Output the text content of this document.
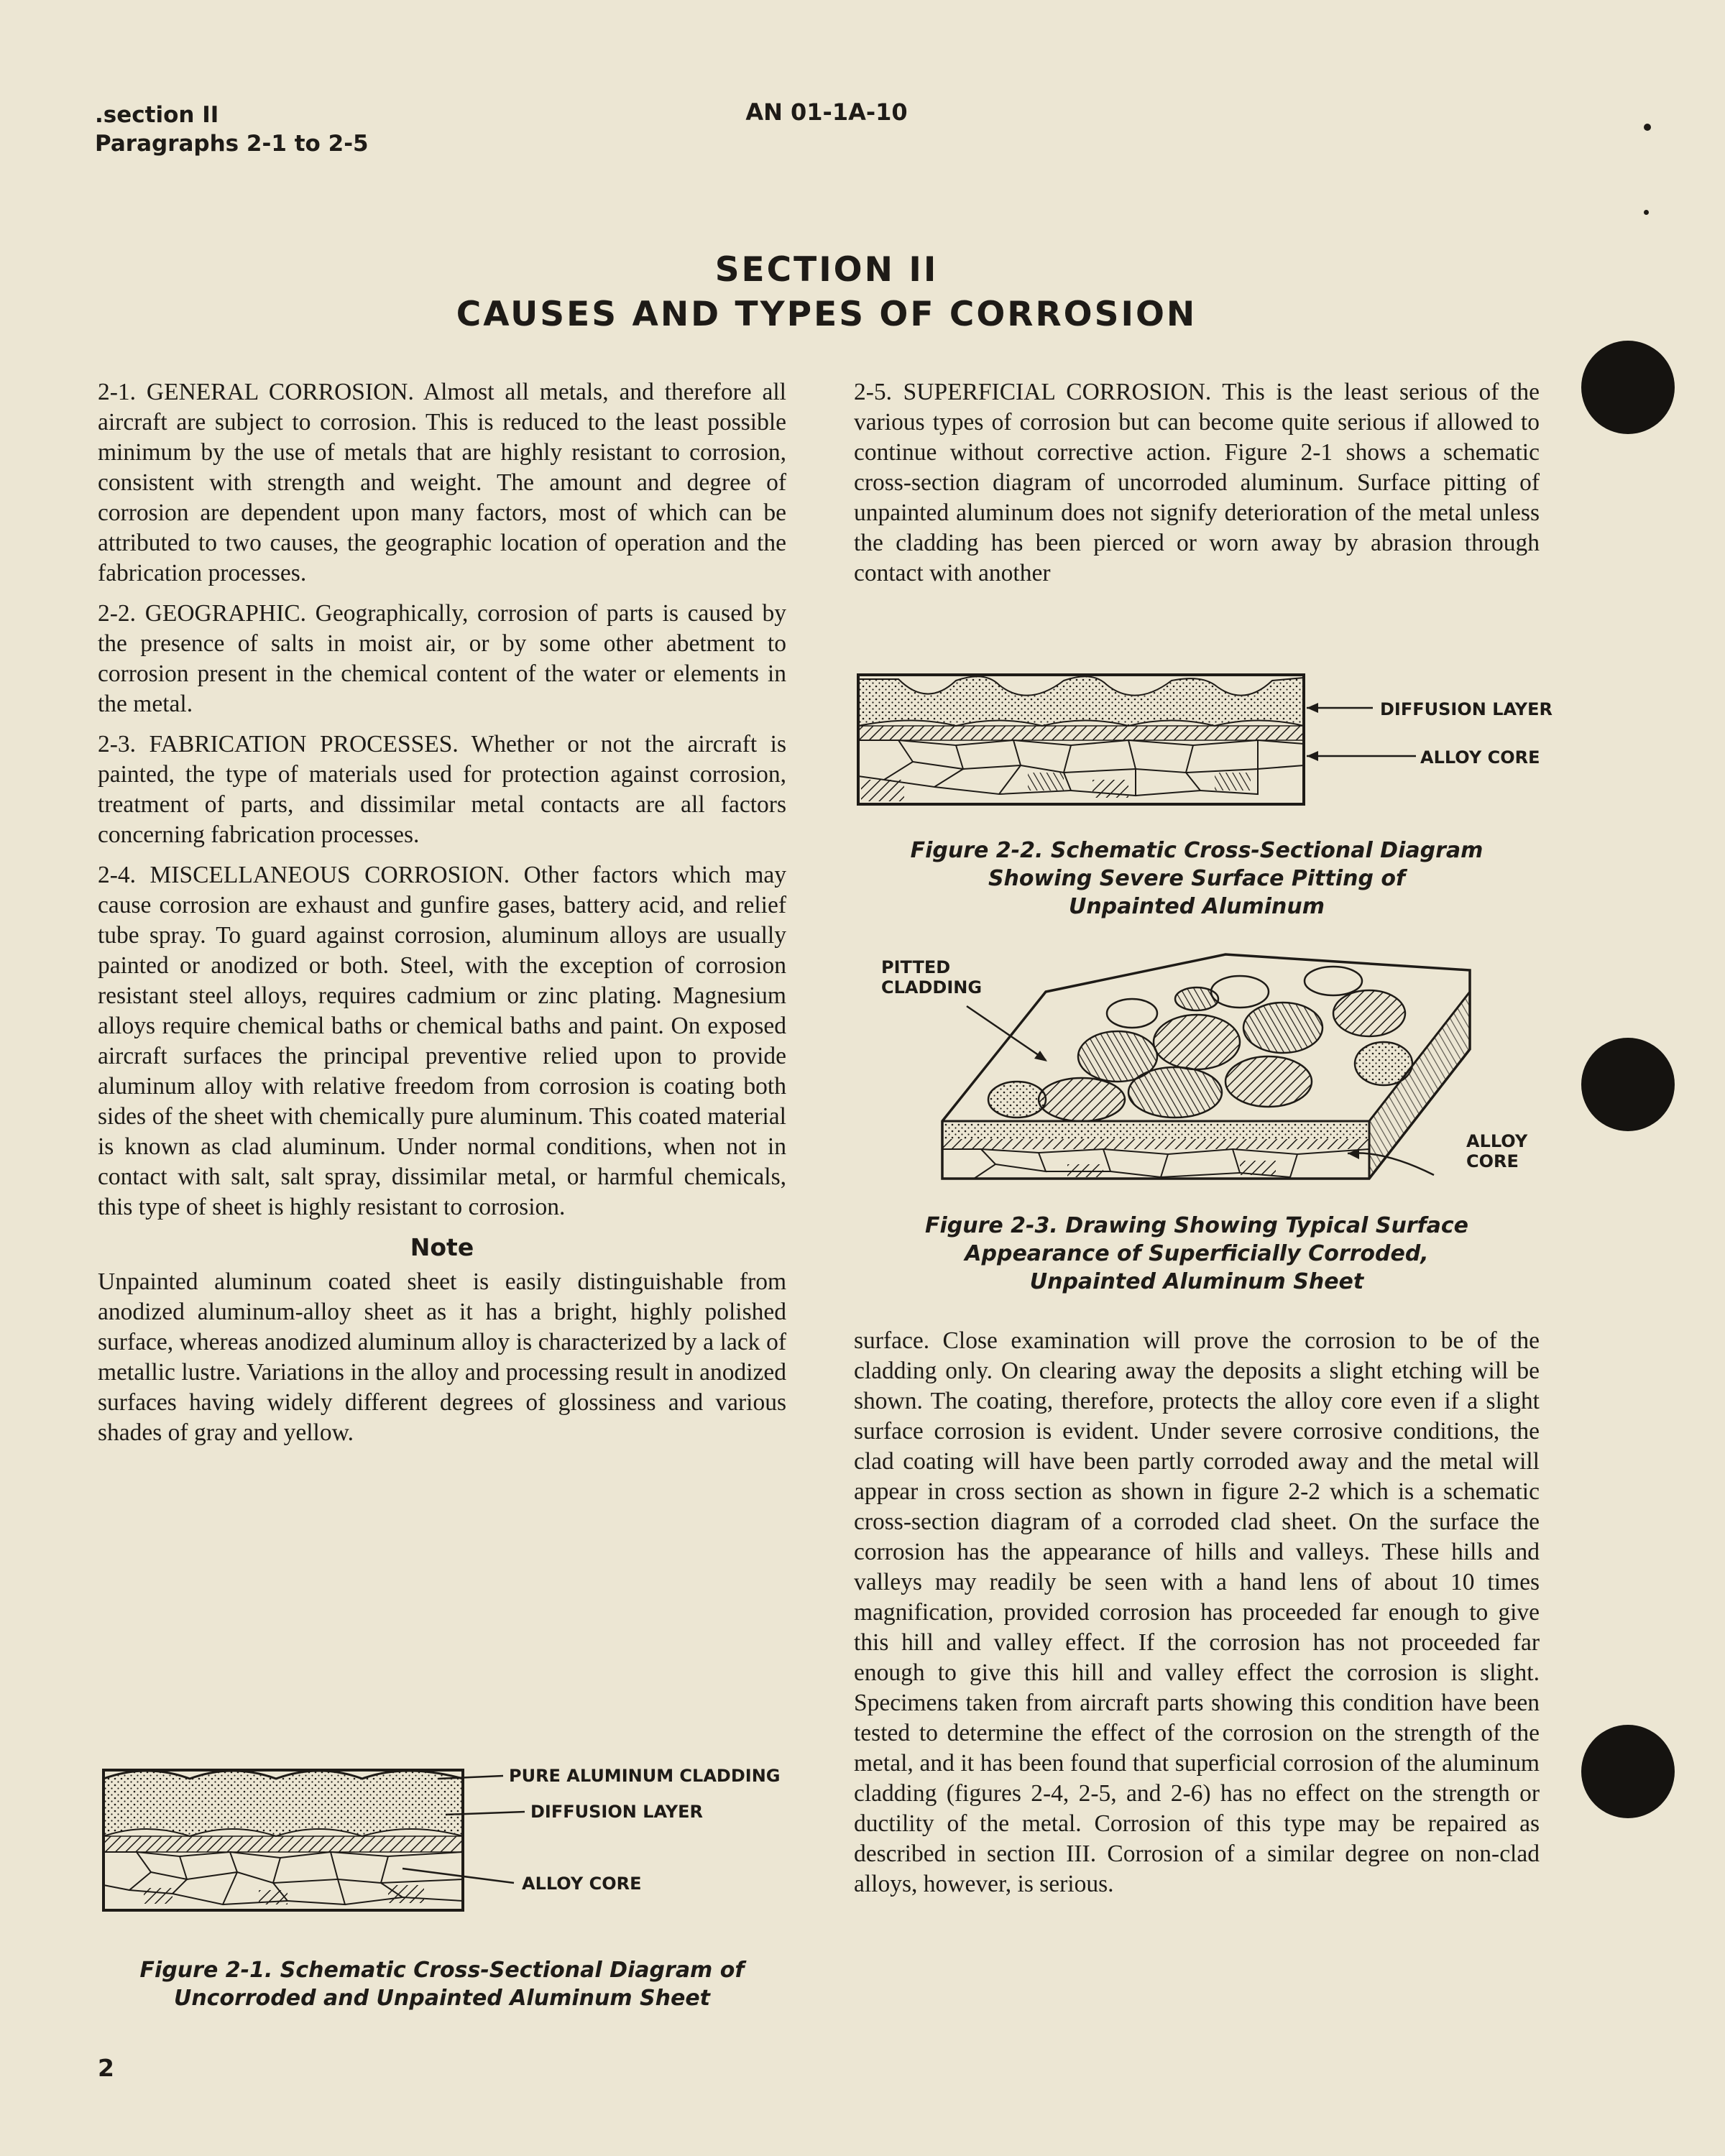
.section II
Paragraphs 2-1 to 2-5
AN 01-1A-10
SECTION II
CAUSES AND TYPES OF CORROSION

2-1. GENERAL CORROSION. Almost all metals, and therefore all aircraft are subject to corrosion. This is reduced to the least possible minimum by the use of metals that are highly resistant to corrosion, consistent with strength and weight. The amount and degree of corrosion are dependent upon many factors, most of which can be attributed to two causes, the geographic location of operation and the fabrication processes.

2-2. GEOGRAPHIC. Geographically, corrosion of parts is caused by the presence of salts in moist air, or by some other abetment to corrosion present in the chemical content of the water or elements in the metal.

2-3. FABRICATION PROCESSES. Whether or not the aircraft is painted, the type of materials used for protection against corrosion, treatment of parts, and dissimilar metal contacts are all factors concerning fabrication processes.

2-4. MISCELLANEOUS CORROSION. Other factors which may cause corrosion are exhaust and gunfire gases, battery acid, and relief tube spray. To guard against corrosion, aluminum alloys are usually painted or anodized or both. Steel, with the exception of corrosion resistant steel alloys, requires cadmium or zinc plating. Magnesium alloys require chemical baths or chemical baths and paint. On exposed aircraft surfaces the principal preventive relied upon to provide aluminum alloy with relative freedom from corrosion is coating both sides of the sheet with chemically pure aluminum. This coated material is known as clad aluminum. Under normal conditions, when not in contact with salt, salt spray, dissimilar metal, or harmful chemicals, this type of sheet is highly resistant to corrosion.

Note

Unpainted aluminum coated sheet is easily distinguishable from anodized aluminum-alloy sheet as it has a bright, highly polished surface, whereas anodized aluminum alloy is characterized by a lack of metallic lustre. Variations in the alloy and processing result in anodized surfaces having widely different degrees of glossiness and various shades of gray and yellow.

2-5. SUPERFICIAL CORROSION. This is the least serious of the various types of corrosion but can become quite serious if allowed to continue without corrective action. Figure 2-1 shows a schematic cross-section diagram of uncorroded aluminum. Surface pitting of unpainted aluminum does not signify deterioration of the metal unless the cladding has been pierced or worn away by abrasion through contact with another

surface. Close examination will prove the corrosion to be of the cladding only. On clearing away the deposits a slight etching will be shown. The coating, therefore, protects the alloy core even if a slight surface corrosion is evident. Under severe corrosive conditions, the clad coating will have been partly corroded away and the metal will appear in cross section as shown in figure 2-2 which is a schematic cross-section diagram of a corroded clad sheet. On the surface the corrosion has the appearance of hills and valleys. These hills and valleys may readily be seen with a hand lens of about 10 times magnification, provided corrosion has proceeded far enough to give this hill and valley effect. If the corrosion has not proceeded far enough to give this hill and valley effect the corrosion is slight. Specimens taken from aircraft parts showing this condition have been tested to determine the effect of the corrosion on the strength of the metal, and it has been found that superficial corrosion of the aluminum cladding (figures 2-4, 2-5, and 2-6) has no effect on the strength or ductility of the metal. Corrosion of this type may be repaired as described in section III. Corrosion of a similar degree on non-clad alloys, however, is serious.

PURE ALUMINUM CLADDING
DIFFUSION LAYER
ALLOY CORE
Figure 2-1. Schematic Cross-Sectional Diagram of
Uncorroded and Unpainted Aluminum Sheet
DIFFUSION LAYER
ALLOY CORE
Figure 2-2. Schematic Cross-Sectional Diagram
Showing Severe Surface Pitting of
Unpainted Aluminum
PITTED
CLADDING
ALLOY
CORE
Figure 2-3. Drawing Showing Typical Surface
Appearance of Superficially Corroded,
Unpainted Aluminum Sheet
2
